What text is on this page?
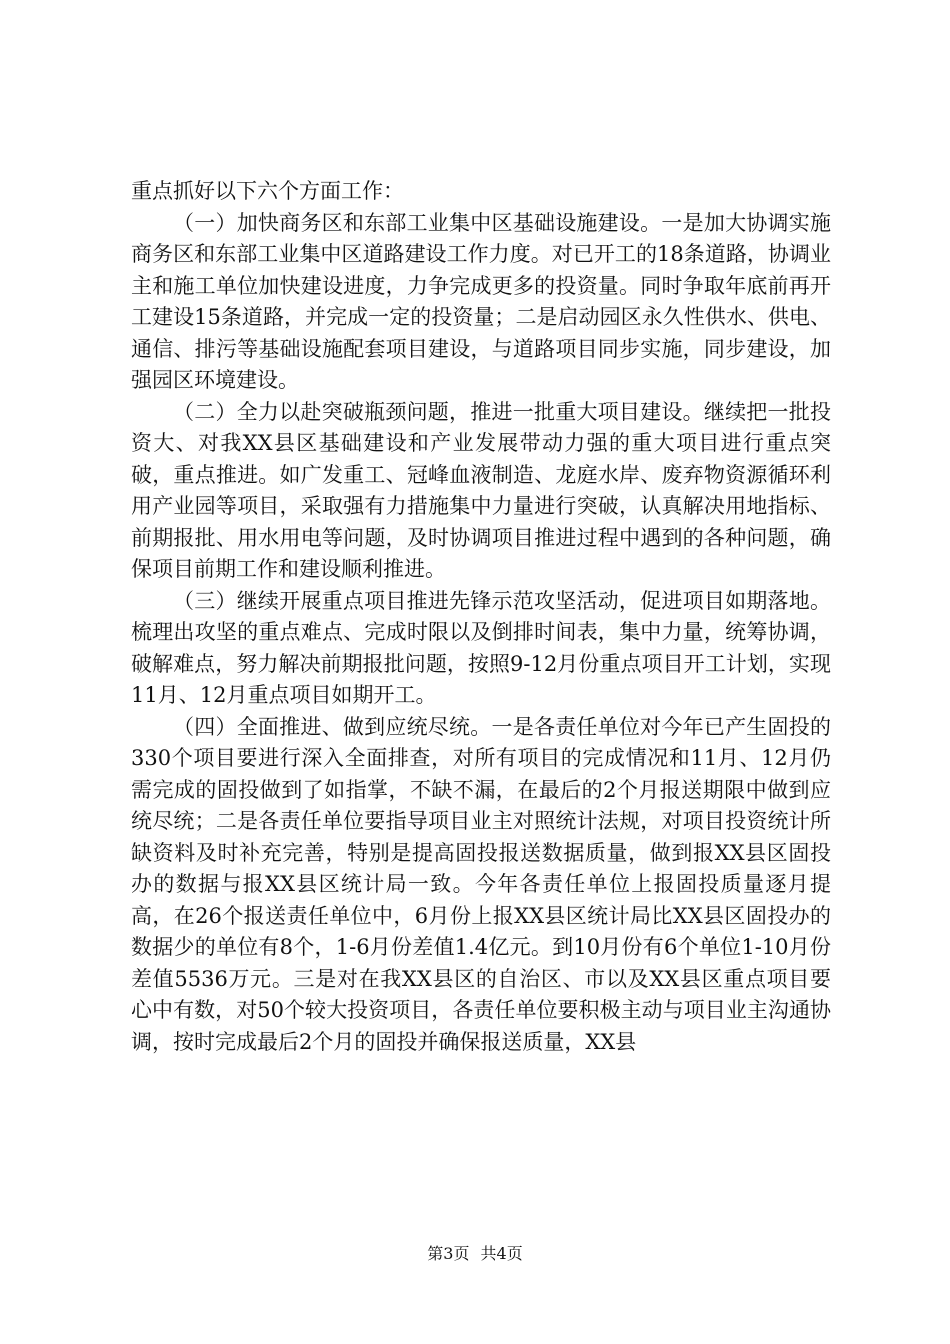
重点抓好以下六个方面工作：

（一）加快商务区和东部工业集中区基础设施建设。一是加大协调实施商务区和东部工业集中区道路建设工作力度。对已开工的18条道路，协调业主和施工单位加快建设进度，力争完成更多的投资量。同时争取年底前再开工建设15条道路，并完成一定的投资量；二是启动园区永久性供水、供电、通信、排污等基础设施配套项目建设，与道路项目同步实施，同步建设，加强园区环境建设。

（二）全力以赴突破瓶颈问题，推进一批重大项目建设。继续把一批投资大、对我XX县区基础建设和产业发展带动力强的重大项目进行重点突破，重点推进。如广发重工、冠峰血液制造、龙庭水岸、废弃物资源循环利用产业园等项目，采取强有力措施集中力量进行突破，认真解决用地指标、前期报批、用水用电等问题，及时协调项目推进过程中遇到的各种问题，确保项目前期工作和建设顺利推进。

（三）继续开展重点项目推进先锋示范攻坚活动，促进项目如期落地。梳理出攻坚的重点难点、完成时限以及倒排时间表，集中力量，统筹协调，破解难点，努力解决前期报批问题，按照9-12月份重点项目开工计划，实现11月、12月重点项目如期开工。

（四）全面推进、做到应统尽统。一是各责任单位对今年已产生固投的330个项目要进行深入全面排查，对所有项目的完成情况和11月、12月仍需完成的固投做到了如指掌，不缺不漏，在最后的2个月报送期限中做到应统尽统；二是各责任单位要指导项目业主对照统计法规，对项目投资统计所缺资料及时补充完善，特别是提高固投报送数据质量，做到报XX县区固投办的数据与报XX县区统计局一致。今年各责任单位上报固投质量逐月提高，在26个报送责任单位中，6月份上报XX县区统计局比XX县区固投办的数据少的单位有8个，1-6月份差值1.4亿元。到10月份有6个单位1-10月份差值5536万元。三是对在我XX县区的自治区、市以及XX县区重点项目要心中有数，对50个较大投资项目，各责任单位要积极主动与项目业主沟通协调，按时完成最后2个月的固投并确保报送质量，XX县

第3页 共4页
